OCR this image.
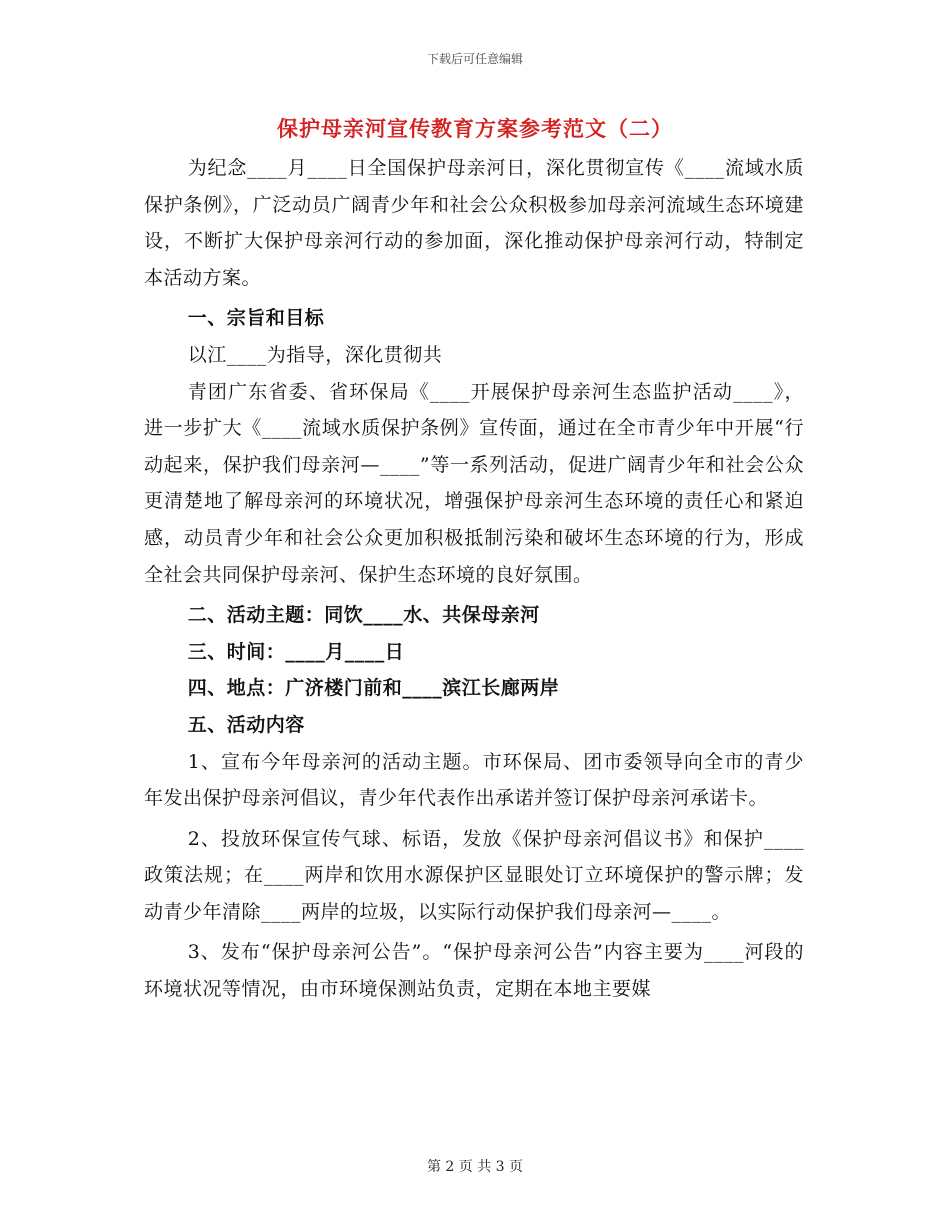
下载后可任意编辑
保护母亲河宣传教育方案参考范文（二）

为纪念____月____日全国保护母亲河日，深化贯彻宣传《____流域水质保护条例》，广泛动员广阔青少年和社会公众积极参加母亲河流域生态环境建设，不断扩大保护母亲河行动的参加面，深化推动保护母亲河行动，特制定本活动方案。

一、宗旨和目标

以江____为指导，深化贯彻共

青团广东省委、省环保局《____开展保护母亲河生态监护活动____》，进一步扩大《____流域水质保护条例》宣传面，通过在全市青少年中开展“行动起来，保护我们母亲河—____”等一系列活动，促进广阔青少年和社会公众更清楚地了解母亲河的环境状况，增强保护母亲河生态环境的责任心和紧迫感，动员青少年和社会公众更加积极抵制污染和破坏生态环境的行为，形成全社会共同保护母亲河、保护生态环境的良好氛围。

二、活动主题：同饮____水、共保母亲河

三、时间：____月____日

四、地点：广济楼门前和____滨江长廊两岸

五、活动内容

1、宣布今年母亲河的活动主题。市环保局、团市委领导向全市的青少年发出保护母亲河倡议，青少年代表作出承诺并签订保护母亲河承诺卡。

2、投放环保宣传气球、标语，发放《保护母亲河倡议书》和保护____政策法规；在____两岸和饮用水源保护区显眼处订立环境保护的警示牌；发动青少年清除____两岸的垃圾，以实际行动保护我们母亲河—____。

3、发布“保护母亲河公告”。“保护母亲河公告”内容主要为____河段的环境状况等情况，由市环境保测站负责，定期在本地主要媒

第 2 页 共 3 页
